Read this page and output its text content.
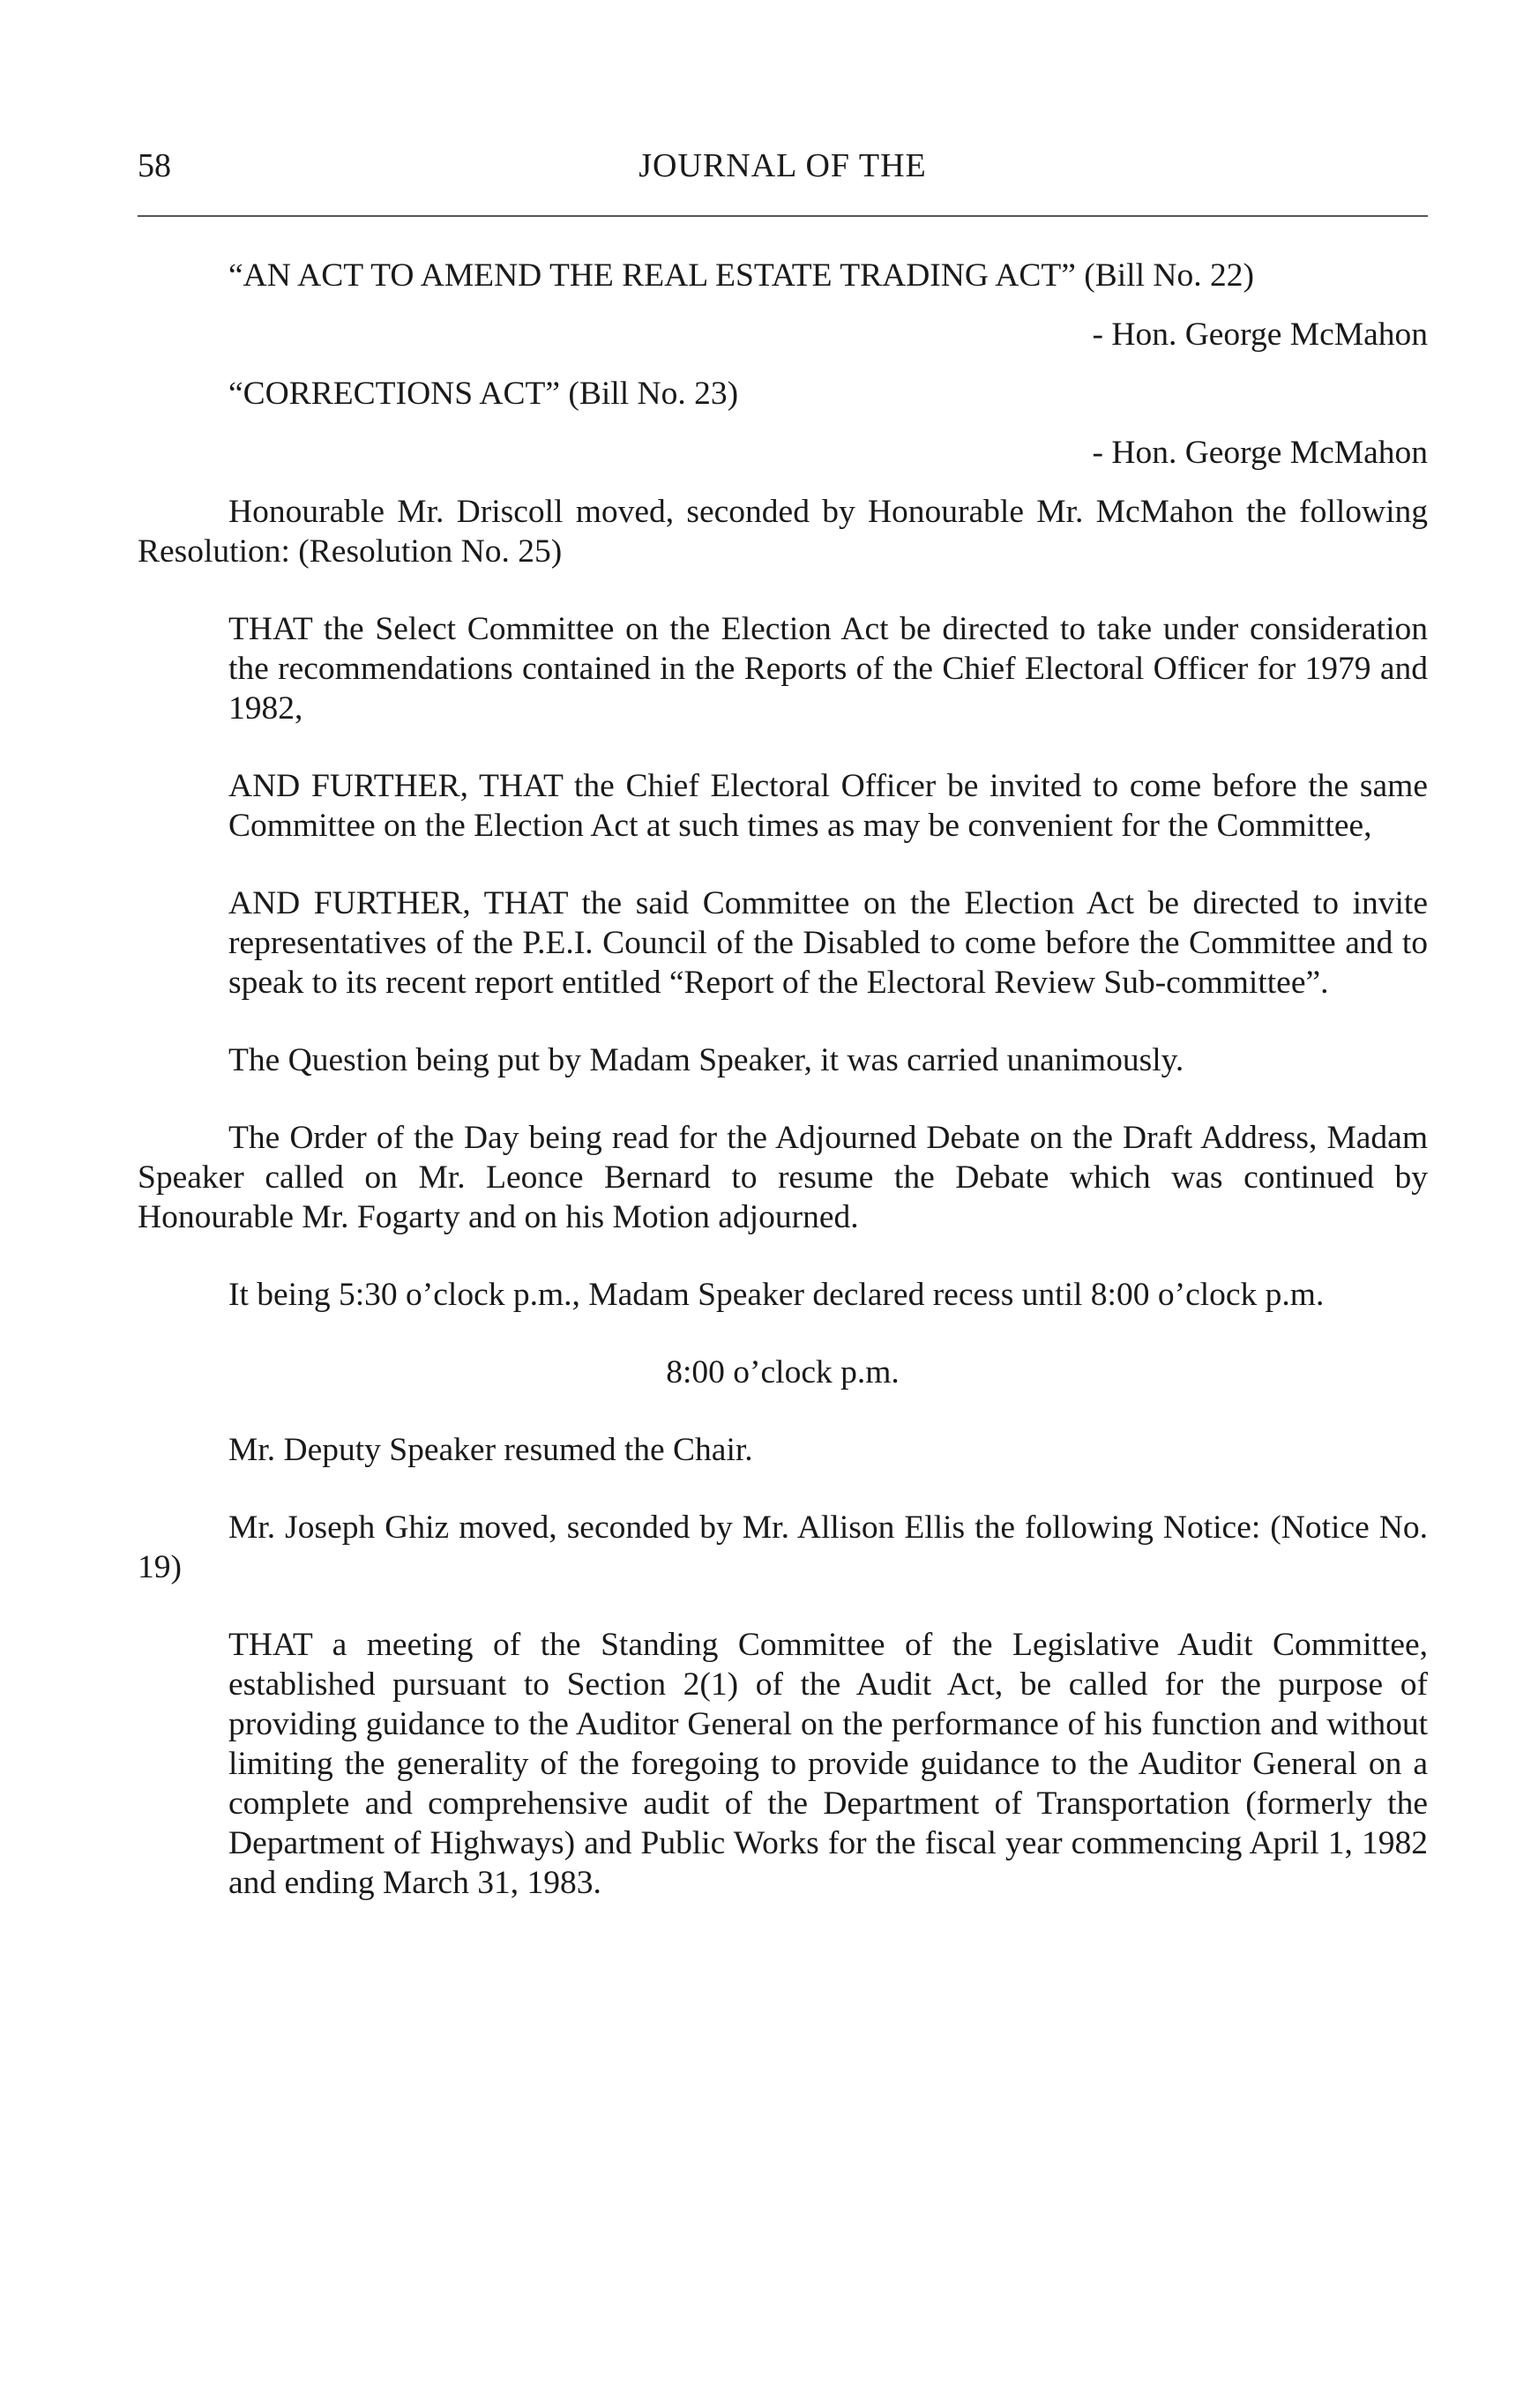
58	JOURNAL OF THE

“AN ACT TO AMEND THE REAL ESTATE TRADING ACT” (Bill No. 22)

- Hon. George McMahon

“CORRECTIONS ACT” (Bill No. 23)

- Hon. George McMahon

Honourable Mr. Driscoll moved, seconded by Honourable Mr. McMahon the following Resolution: (Resolution No. 25)

THAT the Select Committee on the Election Act be directed to take under consideration the recommendations contained in the Reports of the Chief Electoral Officer for 1979 and 1982,

AND FURTHER, THAT the Chief Electoral Officer be invited to come before the same Committee on the Election Act at such times as may be convenient for the Committee,

AND FURTHER, THAT the said Committee on the Election Act be directed to invite representatives of the P.E.I. Council of the Disabled to come before the Committee and to speak to its recent report entitled “Report of the Electoral Review Sub-committee”.

The Question being put by Madam Speaker, it was carried unanimously.

The Order of the Day being read for the Adjourned Debate on the Draft Address, Madam Speaker called on Mr. Leonce Bernard to resume the Debate which was continued by Honourable Mr. Fogarty and on his Motion adjourned.

It being 5:30 o’clock p.m., Madam Speaker declared recess until 8:00 o’clock p.m.

8:00 o’clock p.m.

Mr. Deputy Speaker resumed the Chair.

Mr. Joseph Ghiz moved, seconded by Mr. Allison Ellis the following Notice: (Notice No. 19)

THAT a meeting of the Standing Committee of the Legislative Audit Committee, established pursuant to Section 2(1) of the Audit Act, be called for the purpose of providing guidance to the Auditor General on the performance of his function and without limiting the generality of the foregoing to provide guidance to the Auditor General on a complete and comprehensive audit of the Department of Transportation (formerly the Department of Highways) and Public Works for the fiscal year commencing April 1, 1982 and ending March 31, 1983.
